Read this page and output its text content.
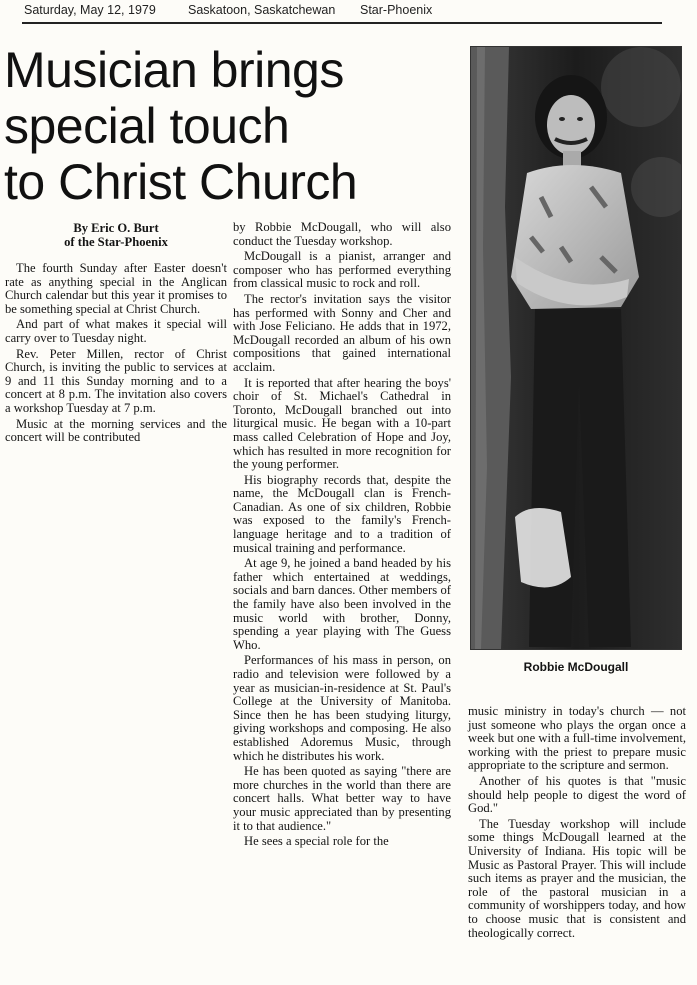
Saturday, May 12, 1979	Saskatoon, Saskatchewan Star-Phoenix
Musician brings
special touch
to Christ Church
By Eric O. Burt
of the Star-Phoenix

The fourth Sunday after Easter doesn't rate as anything special in the Anglican Church calendar but this year it promises to be something special at Christ Church.

And part of what makes it special will carry over to Tuesday night.

Rev. Peter Millen, rector of Christ Church, is inviting the public to services at 9 and 11 this Sunday morning and to a concert at 8 p.m. The invitation also covers a workshop Tuesday at 7 p.m.

Music at the morning services and the concert will be contributed

by Robbie McDougall, who will also conduct the Tuesday workshop.

McDougall is a pianist, arranger and composer who has performed everything from classical music to rock and roll.

The rector's invitation says the visitor has performed with Sonny and Cher and with Jose Feliciano. He adds that in 1972, McDougall recorded an album of his own compositions that gained international acclaim.

It is reported that after hearing the boys' choir of St. Michael's Cathedral in Toronto, McDougall branched out into liturgical music. He began with a 10-part mass called Celebration of Hope and Joy, which has resulted in more recognition for the young performer.

His biography records that, despite the name, the McDougall clan is French-Canadian. As one of six children, Robbie was exposed to the family's French-language heritage and to a tradition of musical training and performance.

At age 9, he joined a band headed by his father which entertained at weddings, socials and barn dances. Other members of the family have also been involved in the music world with brother, Donny, spending a year playing with The Guess Who.

Performances of his mass in person, on radio and television were followed by a year as musician-in-residence at St. Paul's College at the University of Manitoba. Since then he has been studying liturgy, giving workshops and composing. He also established Adoremus Music, through which he distributes his work.

He has been quoted as saying "there are more churches in the world than there are concert halls. What better way to have your music appreciated than by presenting it to that audience."

He sees a special role for the

Robbie McDougall

music ministry in today's church — not just someone who plays the organ once a week but one with a full-time involvement, working with the priest to prepare music appropriate to the scripture and sermon.

Another of his quotes is that "music should help people to digest the word of God."

The Tuesday workshop will include some things McDougall learned at the University of Indiana. His topic will be Music as Pastoral Prayer. This will include such items as prayer and the musician, the role of the pastoral musician in a community of worshippers today, and how to choose music that is consistent and theologically correct.
